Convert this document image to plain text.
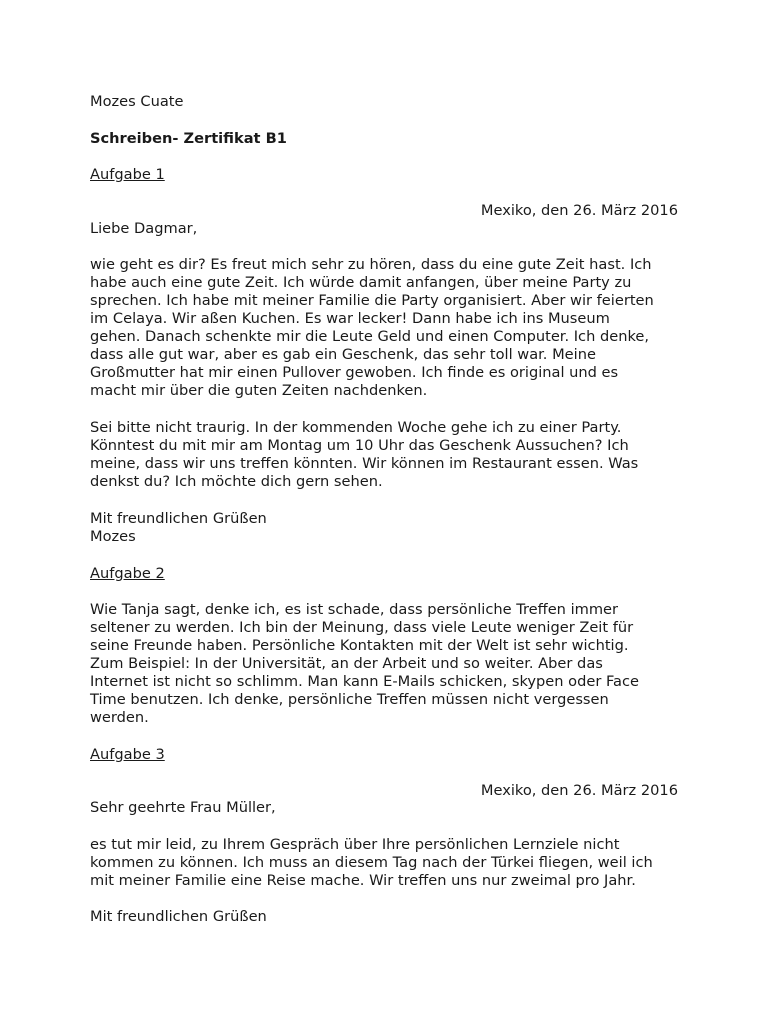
Mozes Cuate

Schreiben- Zertifikat B1

Aufgabe 1

Mexiko, den 26. März 2016

Liebe Dagmar,

wie geht es dir? Es freut mich sehr zu hören, dass du eine gute Zeit hast. Ich
habe auch eine gute Zeit. Ich würde damit anfangen, über meine Party zu
sprechen. Ich habe mit meiner Familie die Party organisiert. Aber wir feierten
im Celaya. Wir aßen Kuchen. Es war lecker! Dann habe ich ins Museum
gehen. Danach schenkte mir die Leute Geld und einen Computer. Ich denke,
dass alle gut war, aber es gab ein Geschenk, das sehr toll war. Meine
Großmutter hat mir einen Pullover gewoben. Ich finde es original und es
macht mir über die guten Zeiten nachdenken.
Sei bitte nicht traurig. In der kommenden Woche gehe ich zu einer Party.
Könntest du mit mir am Montag um 10 Uhr das Geschenk Aussuchen? Ich
meine, dass wir uns treffen könnten. Wir können im Restaurant essen. Was
denkst du? Ich möchte dich gern sehen.

Mit freundlichen Grüßen

Mozes

Aufgabe 2

Wie Tanja sagt, denke ich, es ist schade, dass persönliche Treffen immer
seltener zu werden. Ich bin der Meinung, dass viele Leute weniger Zeit für
seine Freunde haben. Persönliche Kontakten mit der Welt ist sehr wichtig.
Zum Beispiel: In der Universität, an der Arbeit und so weiter. Aber das
Internet ist nicht so schlimm. Man kann E-Mails schicken, skypen oder Face
Time benutzen. Ich denke, persönliche Treffen müssen nicht vergessen
werden.

Aufgabe 3

Mexiko, den 26. März 2016

Sehr geehrte Frau Müller,

es tut mir leid, zu Ihrem Gespräch über Ihre persönlichen Lernziele nicht
kommen zu können. Ich muss an diesem Tag nach der Türkei fliegen, weil ich
mit meiner Familie eine Reise mache. Wir treffen uns nur zweimal pro Jahr.

Mit freundlichen Grüßen
